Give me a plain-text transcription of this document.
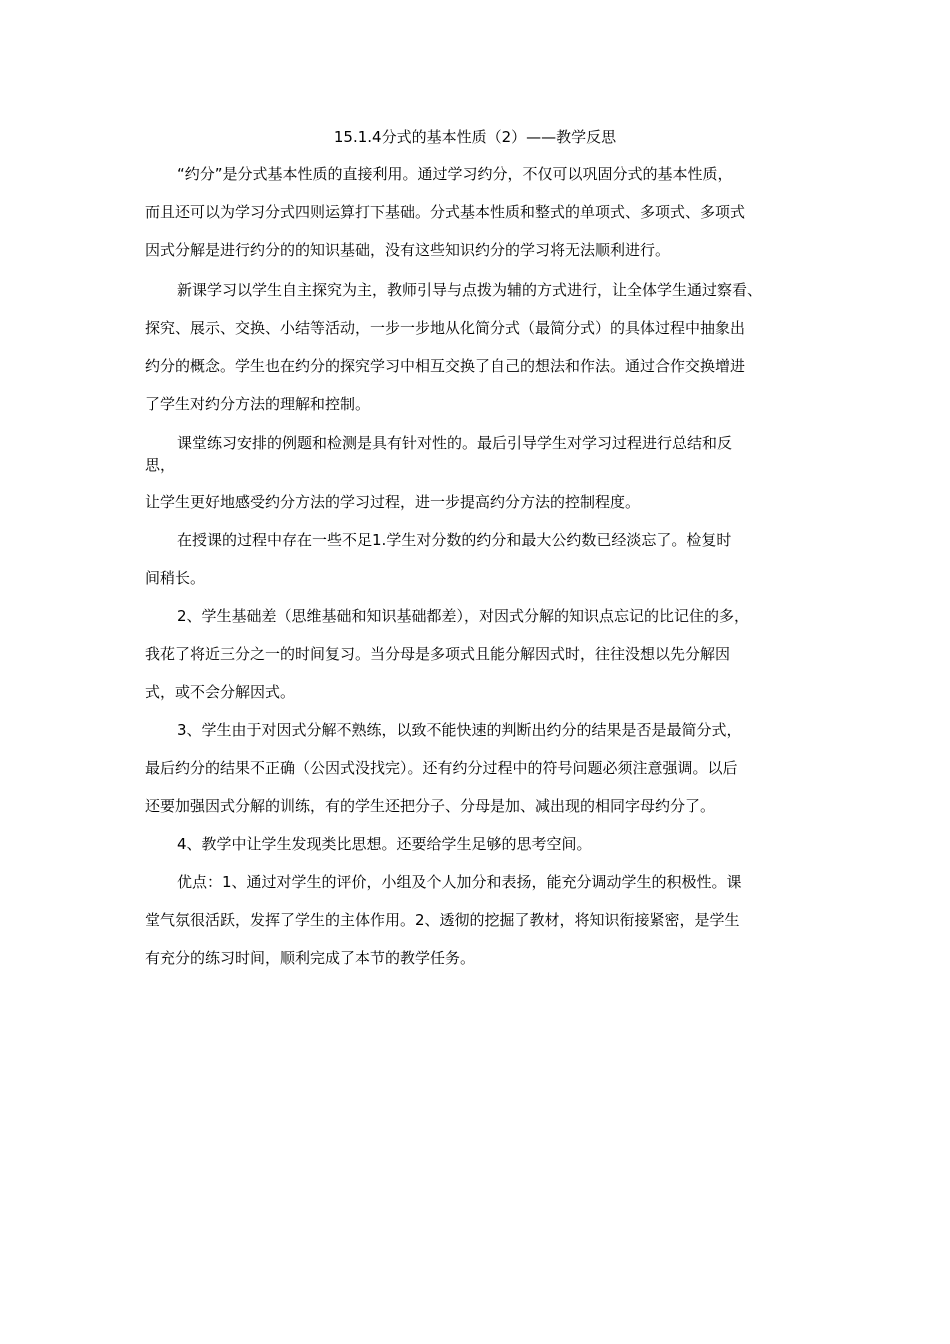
15.1.4分式的基本性质（2）——教学反思
“约分”是分式基本性质的直接利用。通过学习约分，不仅可以巩固分式的基本性质，
而且还可以为学习分式四则运算打下基础。分式基本性质和整式的单项式、多项式、多项式
因式分解是进行约分的的知识基础，没有这些知识约分的学习将无法顺利进行。
新课学习以学生自主探究为主，教师引导与点拨为辅的方式进行，让全体学生通过察看、
探究、展示、交换、小结等活动，一步一步地从化简分式（最简分式）的具体过程中抽象出
约分的概念。学生也在约分的探究学习中相互交换了自己的想法和作法。通过合作交换增进
了学生对约分方法的理解和控制。
课堂练习安排的例题和检测是具有针对性的。最后引导学生对学习过程进行总结和反
思，
让学生更好地感受约分方法的学习过程，进一步提高约分方法的控制程度。
在授课的过程中存在一些不足1.学生对分数的约分和最大公约数已经淡忘了。检复时
间稍长。
2、学生基础差（思维基础和知识基础都差），对因式分解的知识点忘记的比记住的多，
我花了将近三分之一的时间复习。当分母是多项式且能分解因式时，往往没想以先分解因
式，或不会分解因式。
3、学生由于对因式分解不熟练，以致不能快速的判断出约分的结果是否是最简分式，
最后约分的结果不正确（公因式没找完）。还有约分过程中的符号问题必须注意强调。以后
还要加强因式分解的训练，有的学生还把分子、分母是加、减出现的相同字母约分了。
4、教学中让学生发现类比思想。还要给学生足够的思考空间。
优点：1、通过对学生的评价，小组及个人加分和表扬，能充分调动学生的积极性。课
堂气氛很活跃，发挥了学生的主体作用。2、透彻的挖掘了教材，将知识衔接紧密，是学生
有充分的练习时间，顺利完成了本节的教学任务。
